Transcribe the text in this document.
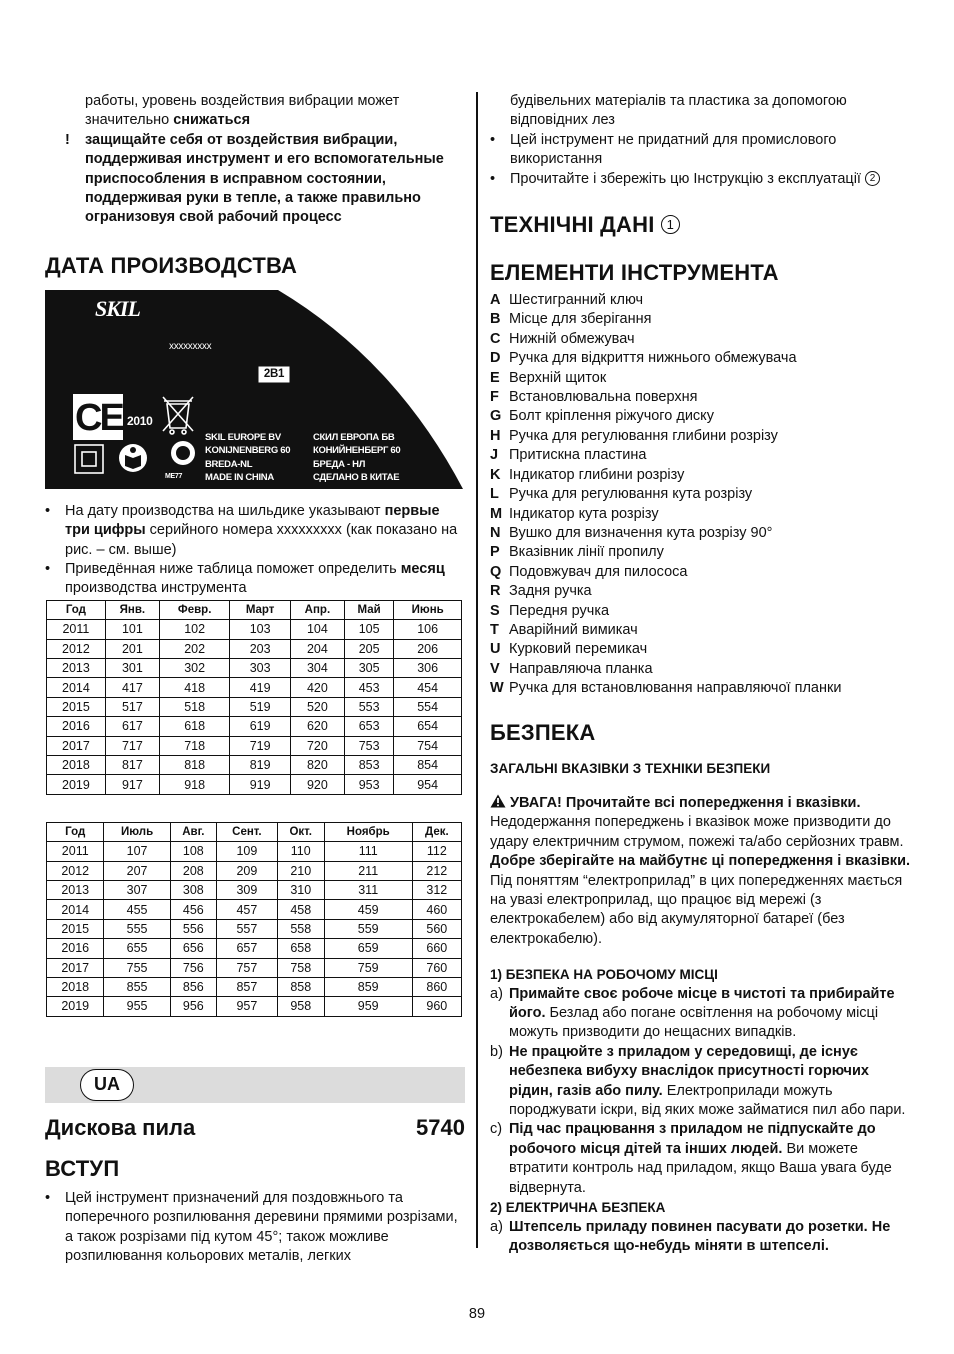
работы, уровень воздействия вибрации может

значительно снижаться

! защищайте себя от воздействия вибрации, поддерживая инструмент и его вспомогательные приспособления в исправном состоянии, поддерживая руки в тепле, а также правильно огранизовуя свой рабочий процесс

ДАТА ПРОИЗВОДСТВА
SKIL
xxxxxxxxx
2B1
CE 2010
ME77
SKIL EUROPE BV
KONIJNENBERG 60
BREDA-NL
MADE IN CHINA
СКИЛ ЕВРОПА БВ
КОНИЙНЕНБЕРГ 60
БРЕДА - НЛ
СДЕЛАНО В КИТАЕ
• На дату производства на шильдике указывают первые три цифры серийного номера xxxxxxxxx (как показано на рис. – см. выше)
• Приведённая ниже таблица поможет определить месяц производства инструмента
Год	Янв.	Февр.	Март	Апр.	Май	Июнь
2011	101	102	103	104	105	106
2012	201	202	203	204	205	206
2013	301	302	303	304	305	306
2014	417	418	419	420	453	454
2015	517	518	519	520	553	554
2016	617	618	619	620	653	654
2017	717	718	719	720	753	754
2018	817	818	819	820	853	854
2019	917	918	919	920	953	954
Год	Июль	Авг.	Сент.	Окт.	Ноябрь	Дек.
2011	107	108	109	110	111	112
2012	207	208	209	210	211	212
2013	307	308	309	310	311	312
2014	455	456	457	458	459	460
2015	555	556	557	558	559	560
2016	655	656	657	658	659	660
2017	755	756	757	758	759	760
2018	855	856	857	858	859	860
2019	955	956	957	958	959	960
UA
Дискова пила	5740
ВСТУП
• Цей інструмент призначений для поздовжнього та поперечного розпилювання деревини прямими розрізами, а також розрізами під кутом 45°; також можливе розпилювання кольорових металів, легких

будівельних матеріалів та пластика за допомогою відповідних лез

• Цей інструмент не придатний для промислового використання
• Прочитайте і збережіть цю Інструкцію з експлуатації 2
ТЕХНІЧНІ ДАНІ 1
ЕЛЕМЕНТИ ІНСТРУМЕНТА
A Шестигранний ключ
B Місце для зберігання
C Нижній обмежувач
D Ручка для відкриття нижнього обмежувача
E Верхній щиток
F Встановлювальна поверхня
G Болт кріплення ріжучого диску
H Ручка для регулювання глибини розрізу
J Притискна пластина
K Індикатор глибини розрізу
L Ручка для регулювання кута розрізу
M Індикатор кута розрізу
N Вушко для визначення кута розрізу 90°
P Вказівник лінії пропилу
Q Подовжувач для пилососа
R Задня ручка
S Передня ручка
T Аварійний вимикач
U Курковий перемикач
V Направляюча планка
W Ручка для встановлювання направляючої планки
БЕЗПЕКА

ЗАГАЛЬНІ ВКАЗІВКИ З ТЕХНІКИ БЕЗПЕКИ

УВАГА! Прочитайте всі попередження і вказівки. Недодержання попереджень і вказівок може призводити до удару електричним струмом, пожежі та/або серйозних травм. Добре зберігайте на майбутнє ці попередження і вказівки. Під поняттям “електроприлад” в цих попередженнях мається на увазі електроприлад, що працює від мережі (з електрокабелем) або від акумуляторної батареї (без електрокабелю).

1) БЕЗПЕКА НА РОБОЧОМУ МІСЦІ

a) Примайте своє робоче місце в чистоті та прибирайте його. Безлад або погане освітлення на робочому місці можуть призводити до нещасних випадків.

b) Не працюйте з приладом у середовищі, де існує небезпека вибуху внаслідок присутності горючих рідин, газів або пилу. Електроприлади можуть породжувати іскри, від яких може займатися пил або пари.

c) Під час працювання з приладом не підпускайте до робочого місця дітей та інших людей. Ви можете втратити контроль над приладом, якщо Ваша увага буде відвернута.

2) ЕЛЕКТРИЧНА БЕЗПЕКА

a) Штепсель приладу повинен пасувати до розетки. Не дозволяється що-небудь міняти в штепселі.

89
